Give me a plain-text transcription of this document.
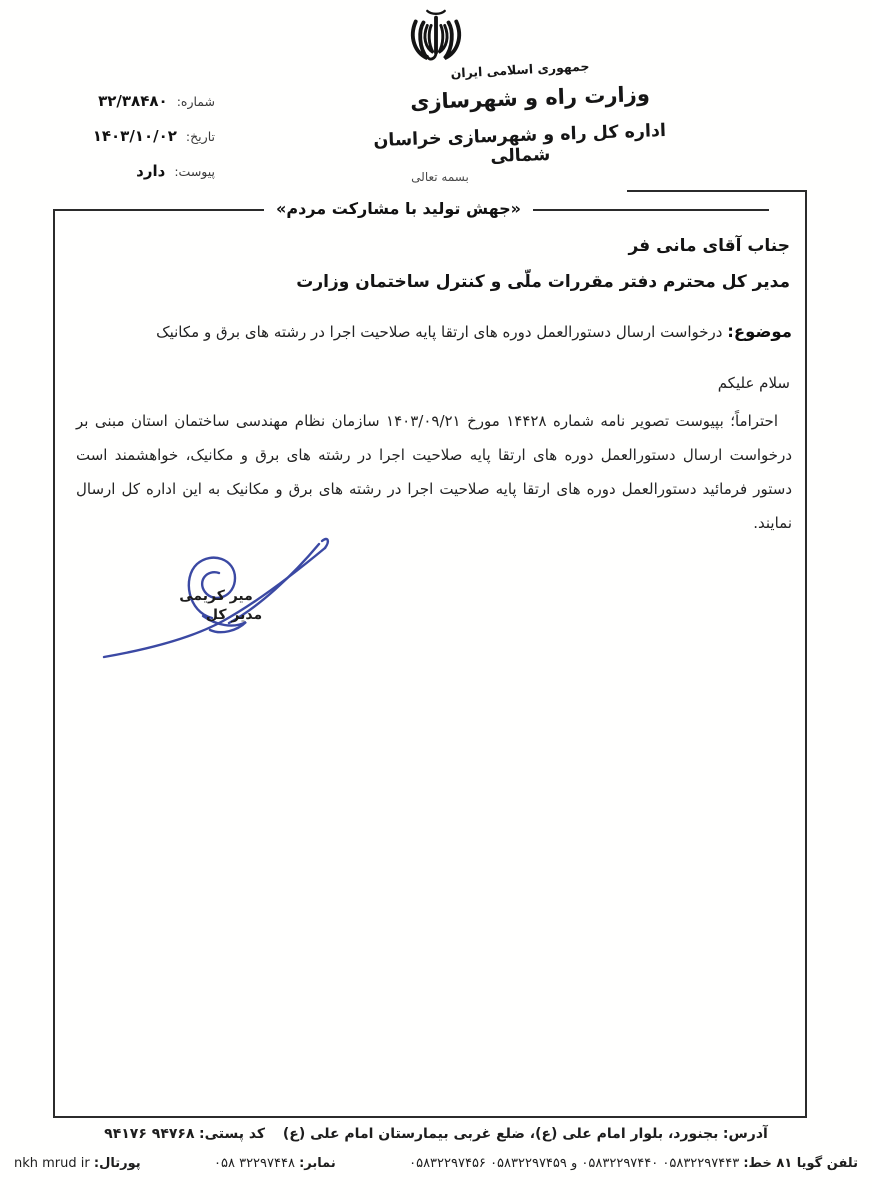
جمهوری اسلامی ایران
وزارت راه و شهرسازی
اداره کل راه و شهرسازی خراسان شمالی
بسمه تعالی
شماره:
۳۲/۳۸۴۸۰
تاریخ:
۱۴۰۳/۱۰/۰۲
پیوست:
دارد
«جهش تولید با مشارکت مردم»
جناب آقای مانی فر
مدیر کل محترم دفتر مقررات ملّی و کنترل ساختمان وزارت
موضوع: درخواست ارسال دستورالعمل دوره های ارتقا پایه صلاحیت اجرا در رشته های برق و مکانیک
سلام علیکم
احتراماً؛ بپیوست تصویر نامه شماره ۱۴۴۲۸ مورخ ۱۴۰۳/۰۹/۲۱ سازمان نظام مهندسی ساختمان استان مبنی بر درخواست ارسال دستورالعمل دوره های ارتقا پایه صلاحیت اجرا در رشته های برق و مکانیک، خواهشمند است دستور فرمائید دستورالعمل دوره های ارتقا پایه صلاحیت اجرا در رشته های برق و مکانیک به این اداره کل ارسال نمایند.
میر کریمی
مدیر کل
آدرس: بجنورد، بلوار امام علی (ع)، ضلع غربی بیمارستان امام علی (ع)    کد پستی: ۹۴۷۶۸ ۹۴۱۷۶
تلفن گویا ۸۱ خط: ۰۵۸۳۲۲۹۷۴۴۳ ۰۵۸۳۲۲۹۷۴۴۰ و ۰۵۸۳۲۲۹۷۴۵۹ ۰۵۸۳۲۲۹۷۴۵۶
نمابر: ۳۲۲۹۷۴۴۸ ۰۵۸
پورتال: nkh mrud ir
